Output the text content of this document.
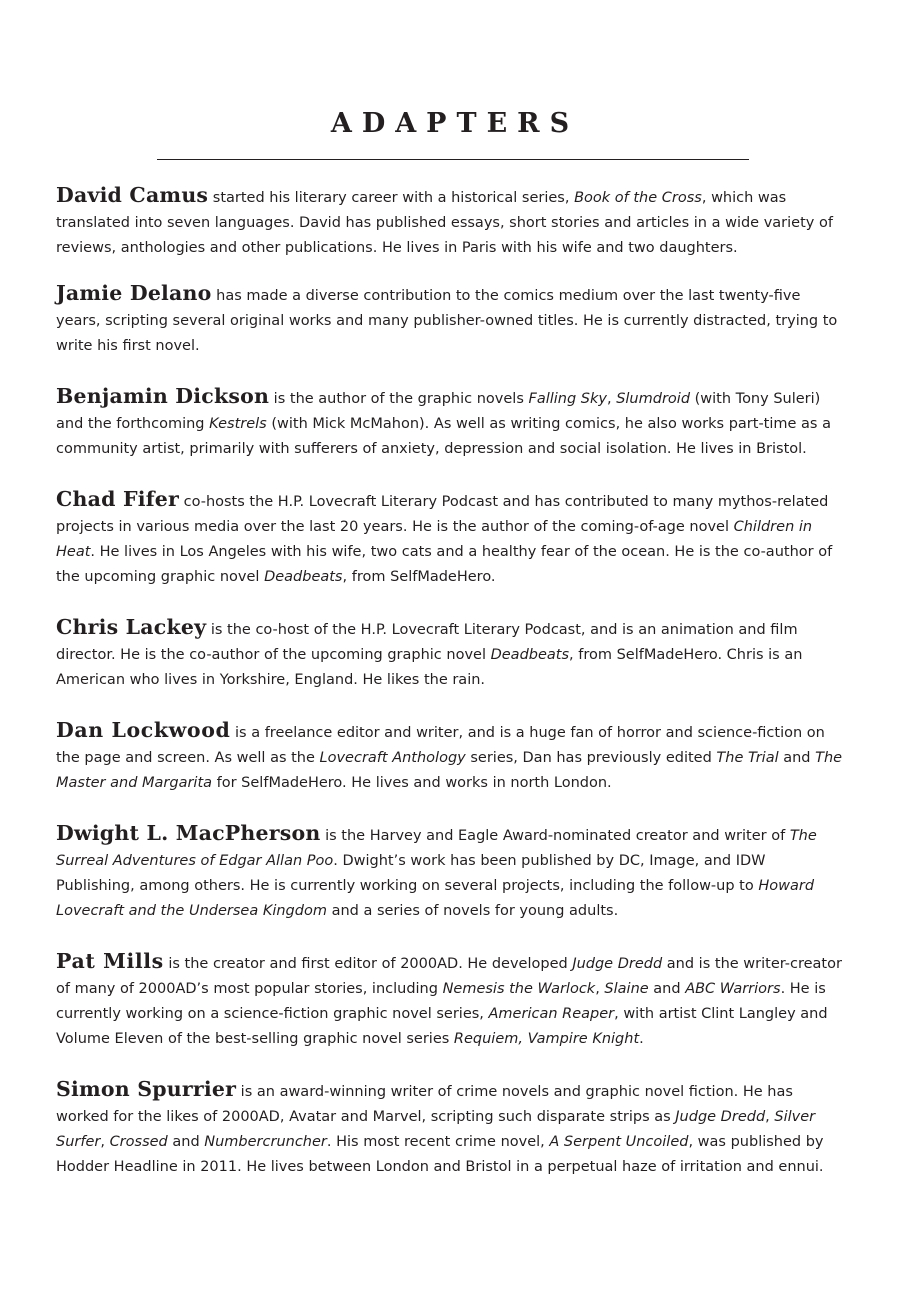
ADAPTERS

David Camus started his literary career with a historical series, Book of the Cross, which was translated into seven languages. David has published essays, short stories and articles in a wide variety of reviews, anthologies and other publications. He lives in Paris with his wife and two daughters.

Jamie Delano has made a diverse contribution to the comics medium over the last twenty-five years, scripting several original works and many publisher-owned titles. He is currently distracted, trying to write his first novel.

Benjamin Dickson is the author of the graphic novels Falling Sky, Slumdroid (with Tony Suleri) and the forthcoming Kestrels (with Mick McMahon). As well as writing comics, he also works part-time as a community artist, primarily with sufferers of anxiety, depression and social isolation. He lives in Bristol.

Chad Fifer co-hosts the H.P. Lovecraft Literary Podcast and has contributed to many mythos-related projects in various media over the last 20 years. He is the author of the coming-of-age novel Children in Heat. He lives in Los Angeles with his wife, two cats and a healthy fear of the ocean. He is the co-author of the upcoming graphic novel Deadbeats, from SelfMadeHero.

Chris Lackey is the co-host of the H.P. Lovecraft Literary Podcast, and is an animation and film director. He is the co-author of the upcoming graphic novel Deadbeats, from SelfMadeHero. Chris is an American who lives in Yorkshire, England. He likes the rain.

Dan Lockwood is a freelance editor and writer, and is a huge fan of horror and science-fiction on the page and screen. As well as the Lovecraft Anthology series, Dan has previously edited The Trial and The Master and Margarita for SelfMadeHero. He lives and works in north London.

Dwight L. MacPherson is the Harvey and Eagle Award-nominated creator and writer of The Surreal Adventures of Edgar Allan Poo. Dwight’s work has been published by DC, Image, and IDW Publishing, among others. He is currently working on several projects, including the follow-up to Howard Lovecraft and the Undersea Kingdom and a series of novels for young adults.

Pat Mills is the creator and first editor of 2000AD. He developed Judge Dredd and is the writer-creator of many of 2000AD’s most popular stories, including Nemesis the Warlock, Slaine and ABC Warriors. He is currently working on a science-fiction graphic novel series, American Reaper, with artist Clint Langley and Volume Eleven of the best-selling graphic novel series Requiem, Vampire Knight.

Simon Spurrier is an award-winning writer of crime novels and graphic novel fiction. He has worked for the likes of 2000AD, Avatar and Marvel, scripting such disparate strips as Judge Dredd, Silver Surfer, Crossed and Numbercruncher. His most recent crime novel, A Serpent Uncoiled, was published by Hodder Headline in 2011. He lives between London and Bristol in a perpetual haze of irritation and ennui.
